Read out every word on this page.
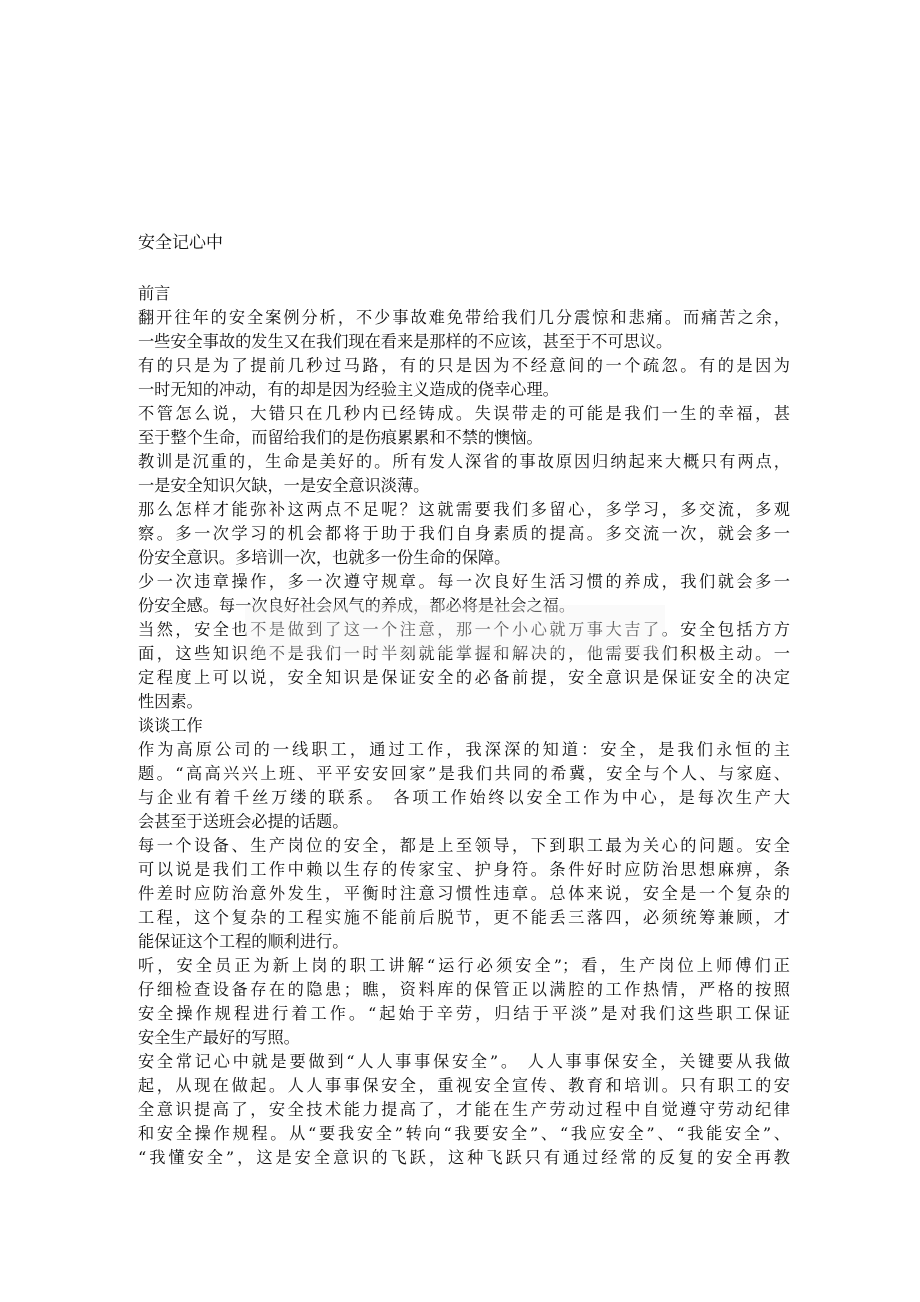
安全记心中
前言
翻开往年的安全案例分析，不少事故难免带给我们几分震惊和悲痛。而痛苦之余，
一些安全事故的发生又在我们现在看来是那样的不应该，甚至于不可思议。
有的只是为了提前几秒过马路，有的只是因为不经意间的一个疏忽。有的是因为
一时无知的冲动，有的却是因为经验主义造成的侥幸心理。
不管怎么说，大错只在几秒内已经铸成。失误带走的可能是我们一生的幸福，甚
至于整个生命，而留给我们的是伤痕累累和不禁的懊恼。
教训是沉重的，生命是美好的。所有发人深省的事故原因归纳起来大概只有两点，
一是安全知识欠缺，一是安全意识淡薄。
那么怎样才能弥补这两点不足呢？这就需要我们多留心，多学习，多交流，多观
察。多一次学习的机会都将于助于我们自身素质的提高。多交流一次，就会多一
份安全意识。多培训一次，也就多一份生命的保障。
少一次违章操作，多一次遵守规章。每一次良好生活习惯的养成，我们就会多一
份安全感。每一次良好社会风气的养成，都必将是社会之福。
当然，安全也不是做到了这一个注意，那一个小心就万事大吉了。安全包括方方
面，这些知识绝不是我们一时半刻就能掌握和解决的，他需要我们积极主动。一
定程度上可以说，安全知识是保证安全的必备前提，安全意识是保证安全的决定
性因素。
谈谈工作
作为高原公司的一线职工，通过工作，我深深的知道：安全，是我们永恒的主
题。“高高兴兴上班、平平安安回家”是我们共同的希冀，安全与个人、与家庭、
与企业有着千丝万缕的联系。 各项工作始终以安全工作为中心，是每次生产大
会甚至于送班会必提的话题。
每一个设备、生产岗位的安全，都是上至领导，下到职工最为关心的问题。安全
可以说是我们工作中赖以生存的传家宝、护身符。条件好时应防治思想麻痹，条
件差时应防治意外发生，平衡时注意习惯性违章。总体来说，安全是一个复杂的
工程，这个复杂的工程实施不能前后脱节，更不能丢三落四，必须统筹兼顾，才
能保证这个工程的顺利进行。
听，安全员正为新上岗的职工讲解“运行必须安全”；看，生产岗位上师傅们正
仔细检查设备存在的隐患；瞧，资料库的保管正以满腔的工作热情，严格的按照
安全操作规程进行着工作。“起始于辛劳，归结于平淡”是对我们这些职工保证
安全生产最好的写照。
安全常记心中就是要做到“人人事事保安全”。 人人事事保安全，关键要从我做
起，从现在做起。人人事事保安全，重视安全宣传、教育和培训。只有职工的安
全意识提高了，安全技术能力提高了，才能在生产劳动过程中自觉遵守劳动纪律
和安全操作规程。从“要我安全”转向“我要安全”、“我应安全”、“我能安全”、
“我懂安全”，这是安全意识的飞跃，这种飞跃只有通过经常的反复的安全再教
